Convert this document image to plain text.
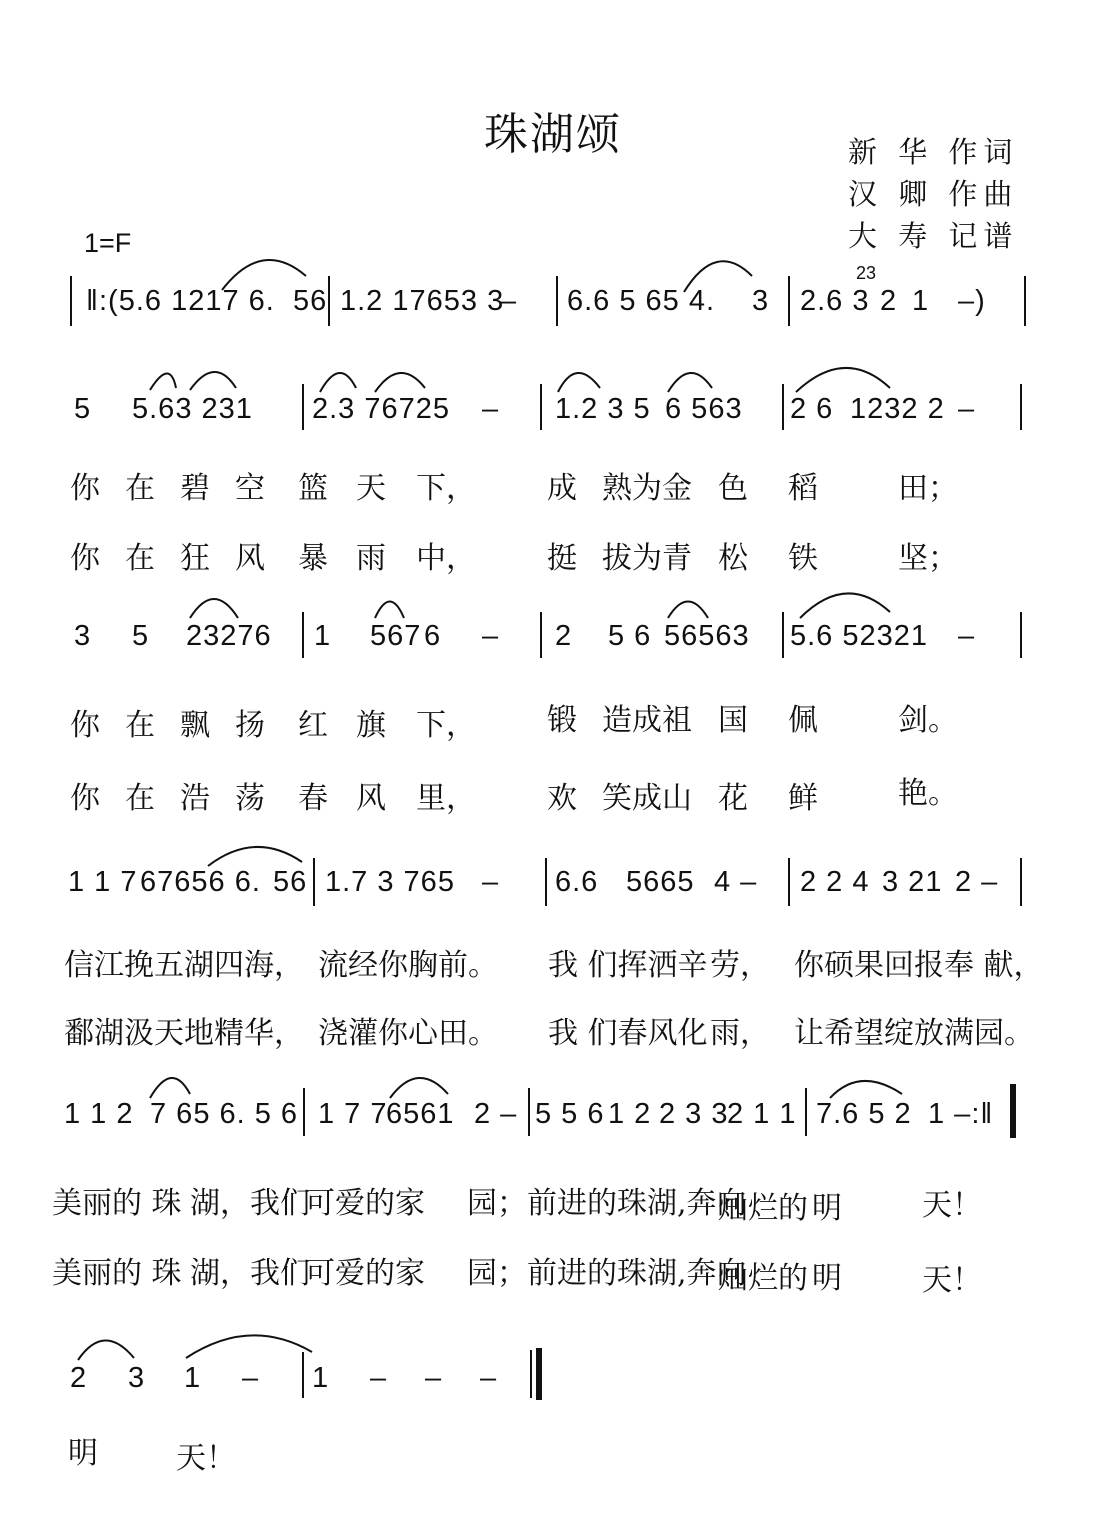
珠湖颂	新 华 作词
汉 卿 作曲
大 寿 记谱
1=F
‖:(5.6 1217 6. 56 1.2 17653 3
– 6.6 5 65 4. 3 2.6 3
23
2 1 –)
5 5.63 231 2.3 76725 – 1.2 3 5 6 563 2 6 1232 2 –
你 在 碧 空 篮 天 下， 成 熟为金 色 稻	田；
你 在 狂 风 暴 雨 中， 挺 拔为青 松 铁	坚；
3 5 23276 1 567 6 – 2 5 6 56563 5.6 52321 –
你 在 飘 扬 红 旗 下， 锻 造成祖 国 佩	剑。
你 在 浩 荡 春 风 里， 欢 笑成山 花 鲜	艳。
1 1 7 67656 6. 56 1.7 3 765 – 6.6 5665 4 – 2 2 4 3 21 2 –
信江挽五湖四海， 流经你胸前。 我 们挥洒辛 劳， 你硕果回报奉 献，
鄱湖汲天地精华， 浇灌你心田。 我 们春风化 雨， 让希望绽放满园。
1 1 2 7 65 6. 5 6 1 7 7
6561 2 – 5 5 6 1 2 2 3 3
2 1 1 7.6 5 2 1 –:‖
美丽的 珠 湖，我们
可爱的家 园； 前进的珠湖,奔向
灿烂的 明	天！
美丽的 珠 湖，我们
可爱的家 园； 前进的珠湖,奔向
灿烂的 明	天！
2 3 1 – 1 – – –
明	天！
